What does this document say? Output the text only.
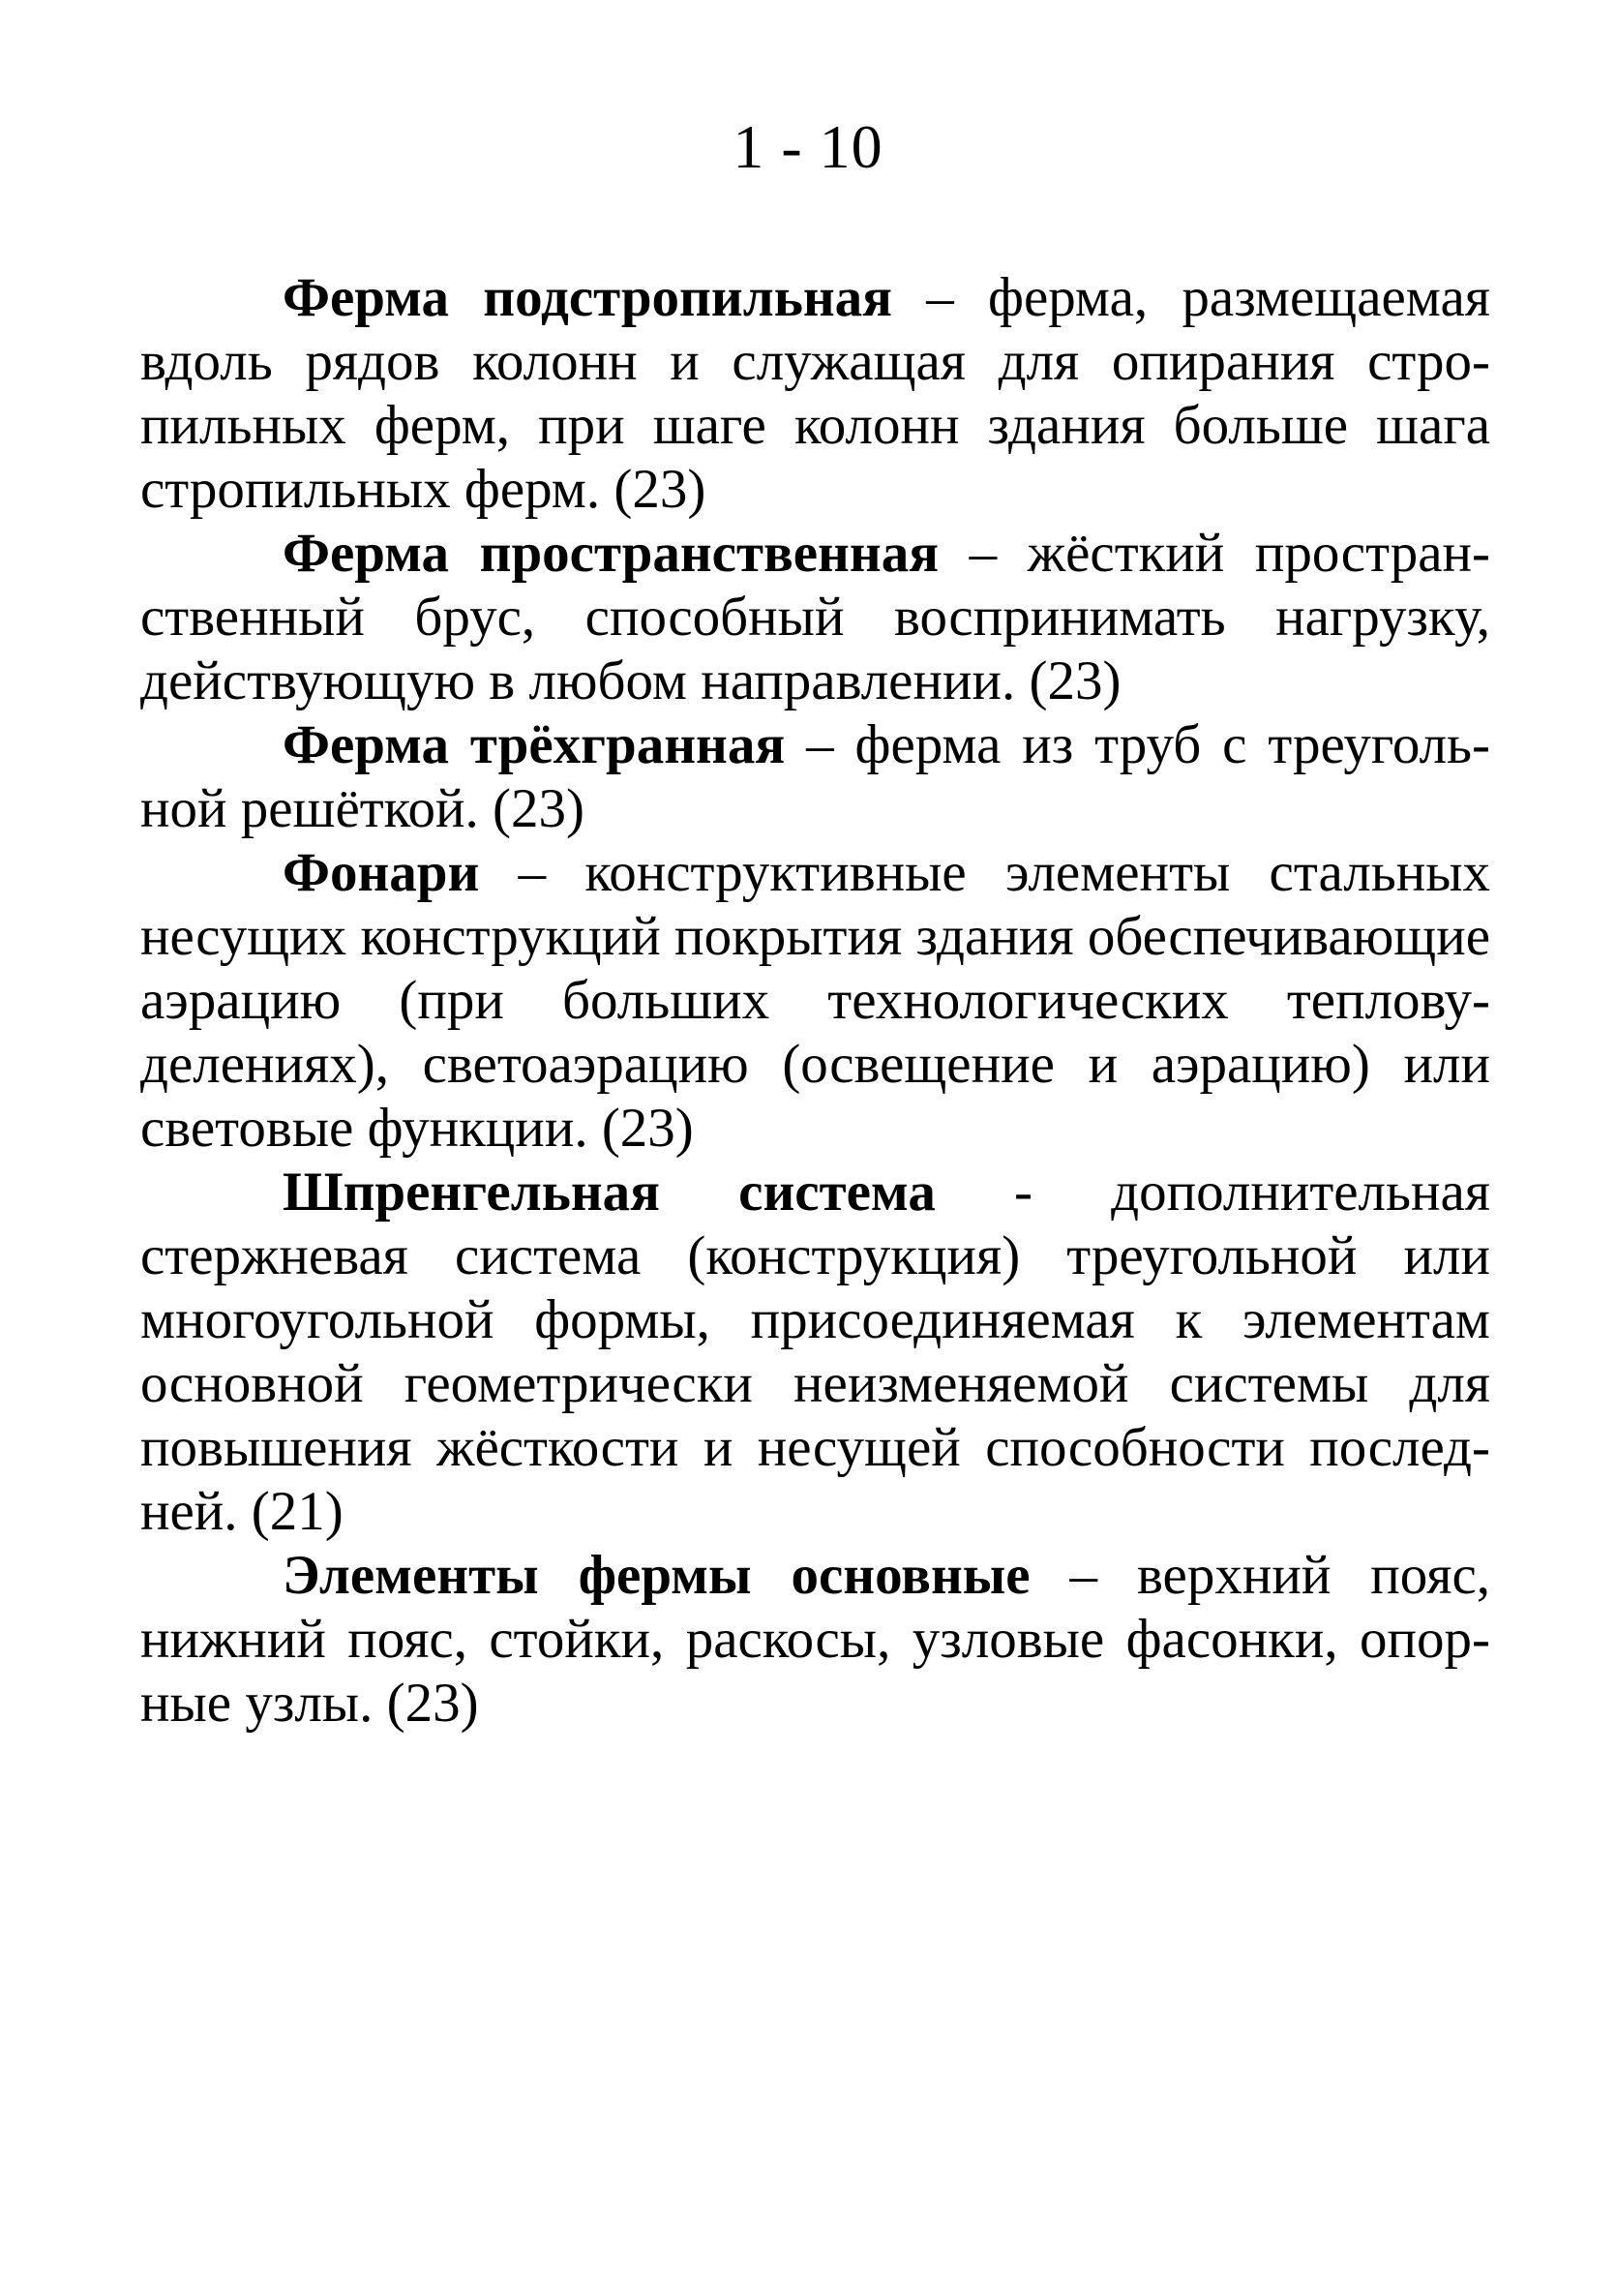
1 - 10

Ферма подстропильная – ферма, размещаемая вдоль рядов колонн и служащая для опирания стропильных ферм, при шаге колонн здания больше шага стропильных ферм. (23)

Ферма пространственная – жёсткий пространственный брус, способный воспринимать нагрузку, действующую в любом направлении. (23)

Ферма трёхгранная – ферма из труб с треугольной решёткой. (23)

Фонари – конструктивные элементы стальных несущих конструкций покрытия здания обеспечивающие аэрацию (при больших технологических тепловуделениях), светоаэрацию (освещение и аэрацию) или световые функции. (23)

Шпренгельная система - дополнительная стержневая система (конструкция) треугольной или многоугольной формы, присоединяемая к элементам основной геометрически неизменяемой системы для повышения жёсткости и несущей способности последней. (21)

Элементы фермы основные – верхний пояс, нижний пояс, стойки, раскосы, узловые фасонки, опорные узлы. (23)
